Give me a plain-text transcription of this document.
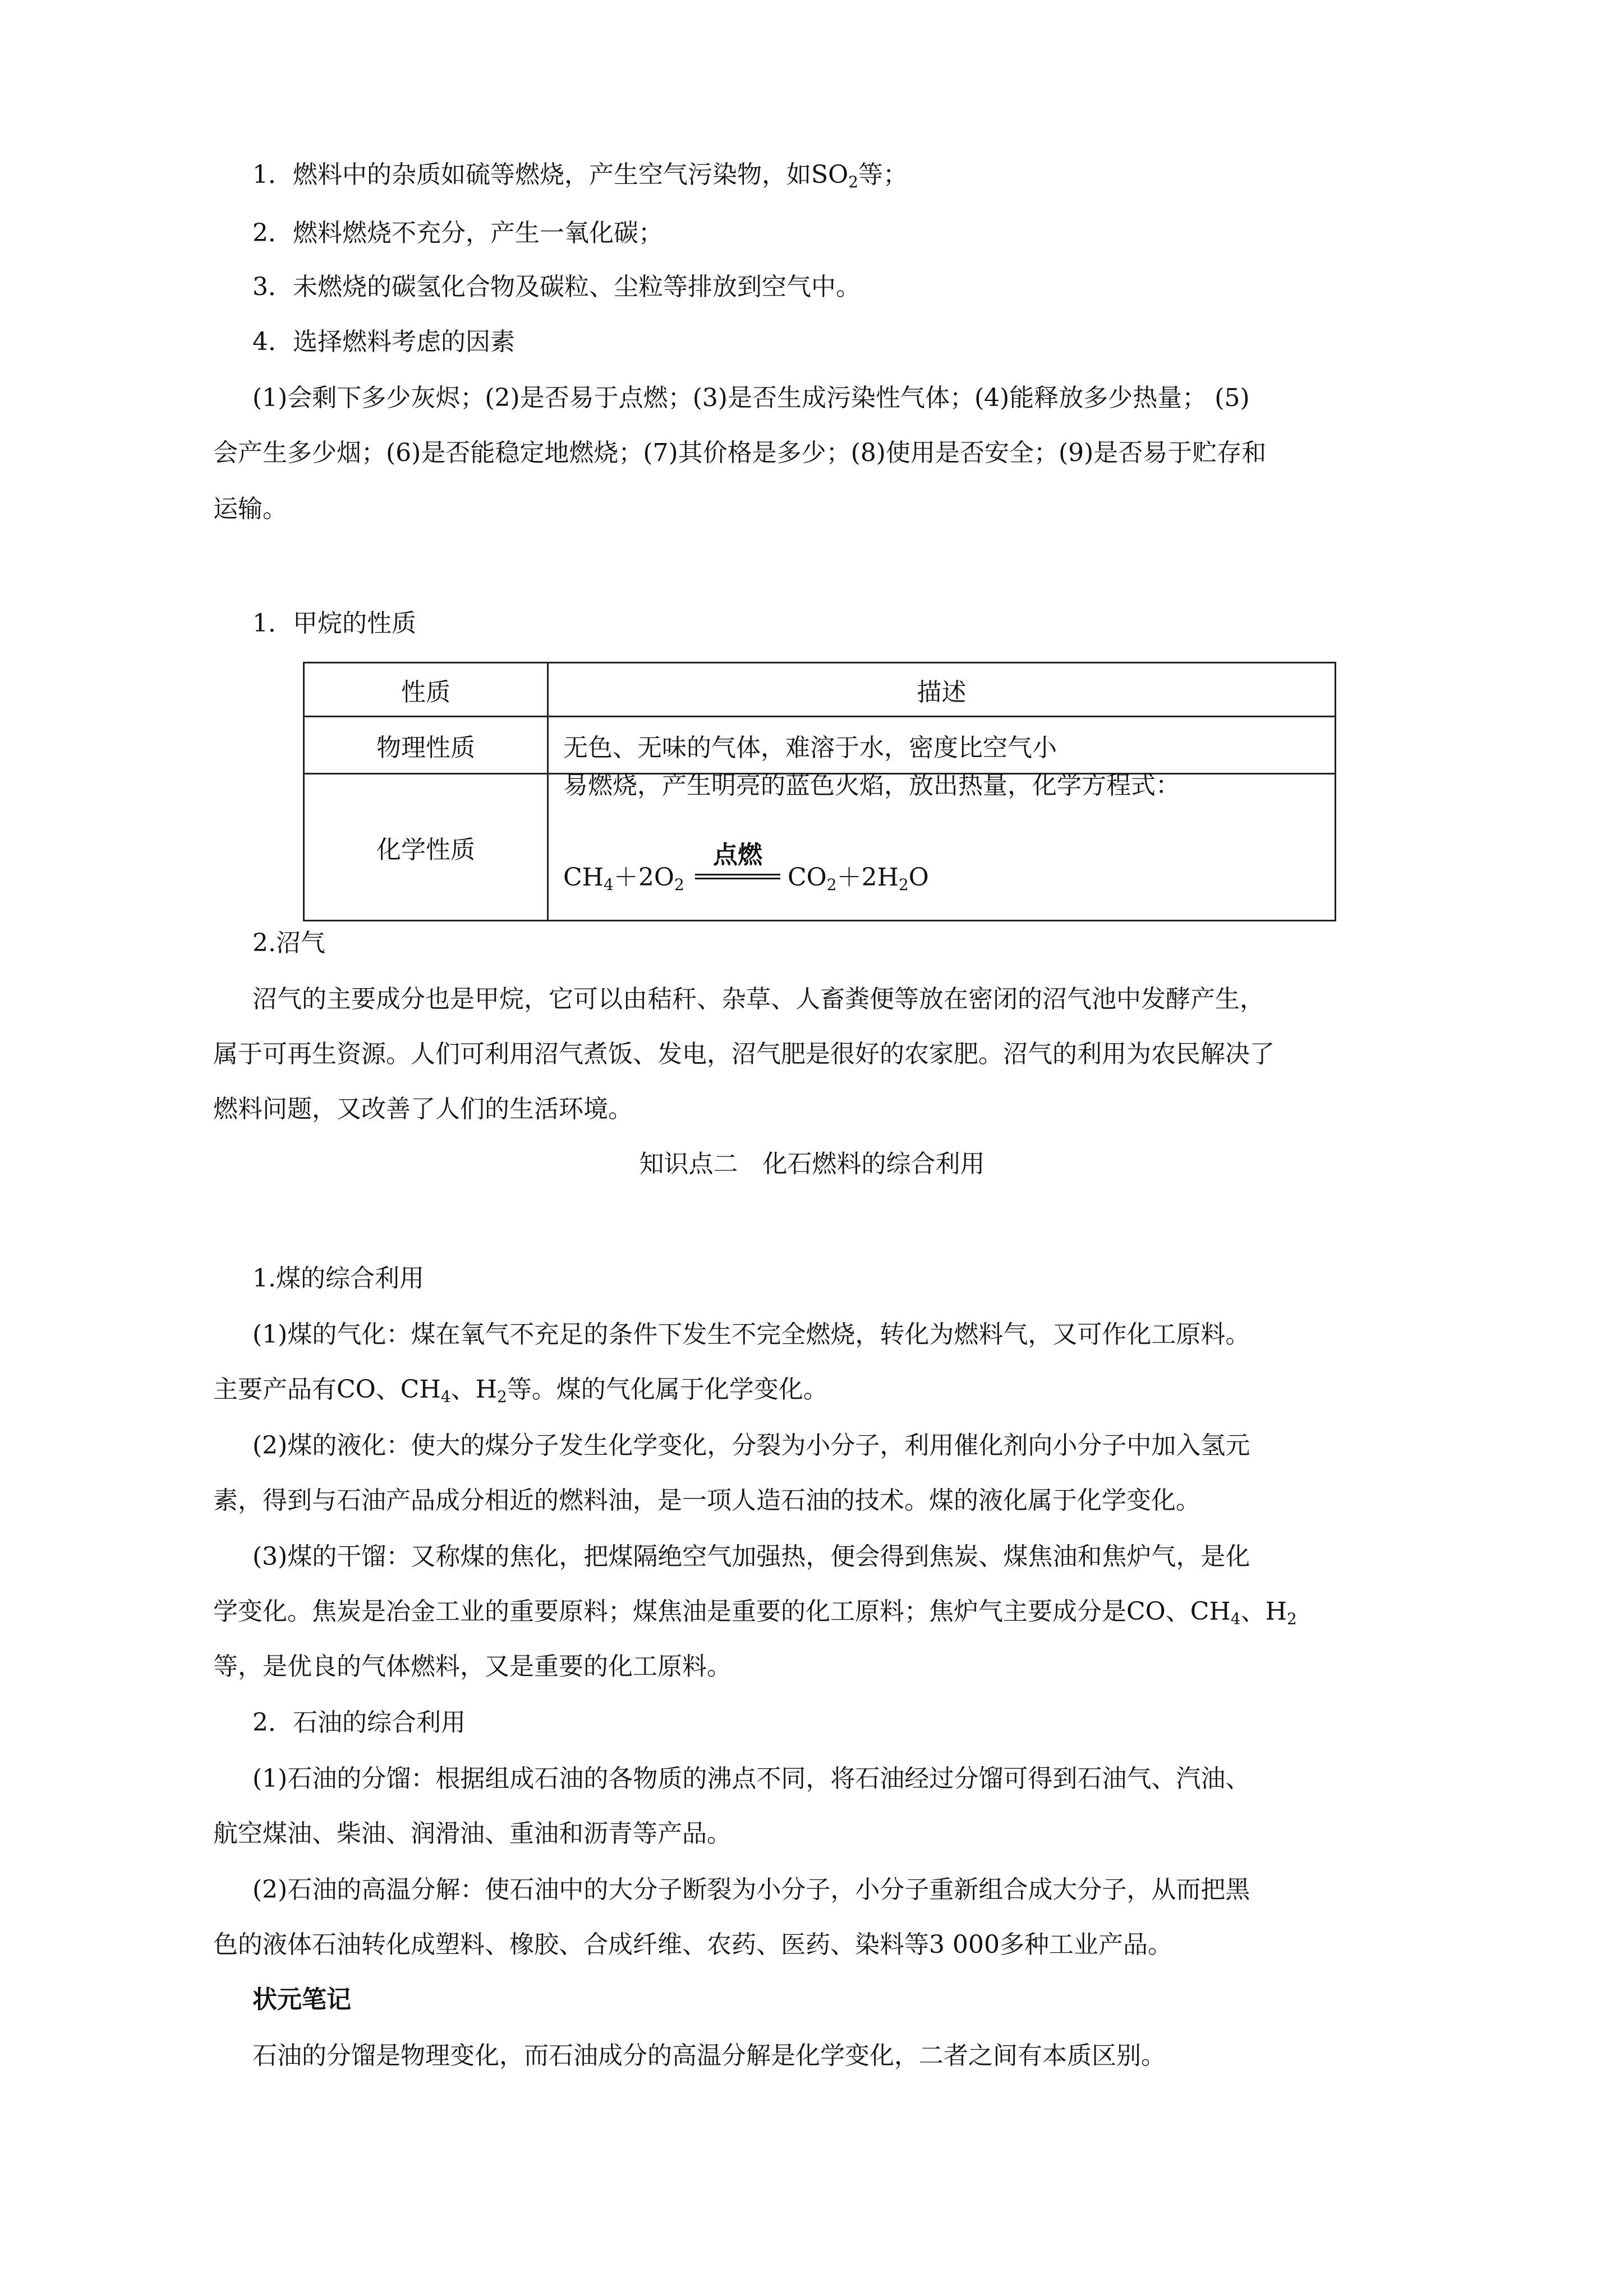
1．燃料中的杂质如硫等燃烧，产生空气污染物，如$SO_2$等；
2．燃料燃烧不充分，产生一氧化碳；
3．未燃烧的碳氢化合物及碳粒、尘粒等排放到空气中。
4．选择燃料考虑的因素
(1)会剩下多少灰烬；(2)是否易于点燃；(3)是否生成污染性气体；(4)能释放多少热量； (5)
会产生多少烟；(6)是否能稳定地燃烧；(7)其价格是多少；(8)使用是否安全；(9)是否易于贮存和
运输。
1．甲烷的性质
性质	描述
物理性质	无色、无味的气体，难溶于水，密度比空气小
化学性质	易燃烧，产生明亮的蓝色火焰，放出热量，化学方程式：
$CH_4+2O_2$
点燃
$CO_2+2H_2O$
2.沼气
沼气的主要成分也是甲烷，它可以由秸秆、杂草、人畜粪便等放在密闭的沼气池中发酵产生，
属于可再生资源。人们可利用沼气煮饭、发电，沼气肥是很好的农家肥。沼气的利用为农民解决了
燃料问题，又改善了人们的生活环境。
知识点二　化石燃料的综合利用
1.煤的综合利用
(1)煤的气化：煤在氧气不充足的条件下发生不完全燃烧，转化为燃料气，又可作化工原料。
主要产品有CO、$CH_4$、$H_2$等。煤的气化属于化学变化。
(2)煤的液化：使大的煤分子发生化学变化，分裂为小分子，利用催化剂向小分子中加入氢元
素，得到与石油产品成分相近的燃料油，是一项人造石油的技术。煤的液化属于化学变化。
(3)煤的干馏：又称煤的焦化，把煤隔绝空气加强热，便会得到焦炭、煤焦油和焦炉气，是化
学变化。焦炭是冶金工业的重要原料；煤焦油是重要的化工原料；焦炉气主要成分是CO、$CH_4$、$H_2$
等，是优良的气体燃料，又是重要的化工原料。
2．石油的综合利用
(1)石油的分馏：根据组成石油的各物质的沸点不同，将石油经过分馏可得到石油气、汽油、
航空煤油、柴油、润滑油、重油和沥青等产品。
(2)石油的高温分解：使石油中的大分子断裂为小分子，小分子重新组合成大分子，从而把黑
色的液体石油转化成塑料、橡胶、合成纤维、农药、医药、染料等3 000多种工业产品。
状元笔记
石油的分馏是物理变化，而石油成分的高温分解是化学变化，二者之间有本质区别。
